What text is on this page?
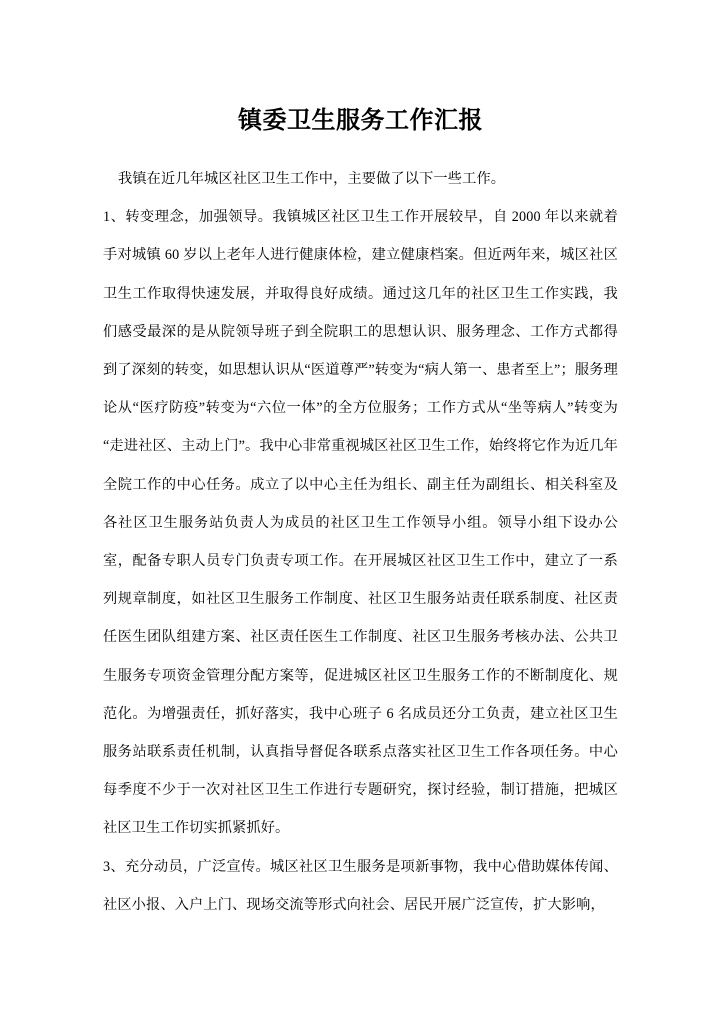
镇委卫生服务工作汇报

我镇在近几年城区社区卫生工作中，主要做了以下一些工作。

1、转变理念，加强领导。我镇城区社区卫生工作开展较早，自 2000 年以来就着手对城镇 60 岁以上老年人进行健康体检，建立健康档案。但近两年来，城区社区卫生工作取得快速发展，并取得良好成绩。通过这几年的社区卫生工作实践，我们感受最深的是从院领导班子到全院职工的思想认识、服务理念、工作方式都得到了深刻的转变，如思想认识从“医道尊严”转变为“病人第一、患者至上”；服务理论从“医疗防疫”转变为“六位一体”的全方位服务；工作方式从“坐等病人”转变为“走进社区、主动上门”。我中心非常重视城区社区卫生工作，始终将它作为近几年全院工作的中心任务。成立了以中心主任为组长、副主任为副组长、相关科室及各社区卫生服务站负责人为成员的社区卫生工作领导小组。领导小组下设办公室，配备专职人员专门负责专项工作。在开展城区社区卫生工作中，建立了一系列规章制度，如社区卫生服务工作制度、社区卫生服务站责任联系制度、社区责任医生团队组建方案、社区责任医生工作制度、社区卫生服务考核办法、公共卫生服务专项资金管理分配方案等，促进城区社区卫生服务工作的不断制度化、规范化。为增强责任，抓好落实，我中心班子 6 名成员还分工负责，建立社区卫生服务站联系责任机制，认真指导督促各联系点落实社区卫生工作各项任务。中心每季度不少于一次对社区卫生工作进行专题研究，探讨经验，制订措施，把城区社区卫生工作切实抓紧抓好。

3、充分动员，广泛宣传。城区社区卫生服务是项新事物，我中心借助媒体传闻、社区小报、入户上门、现场交流等形式向社会、居民开展广泛宣传，扩大影响，
